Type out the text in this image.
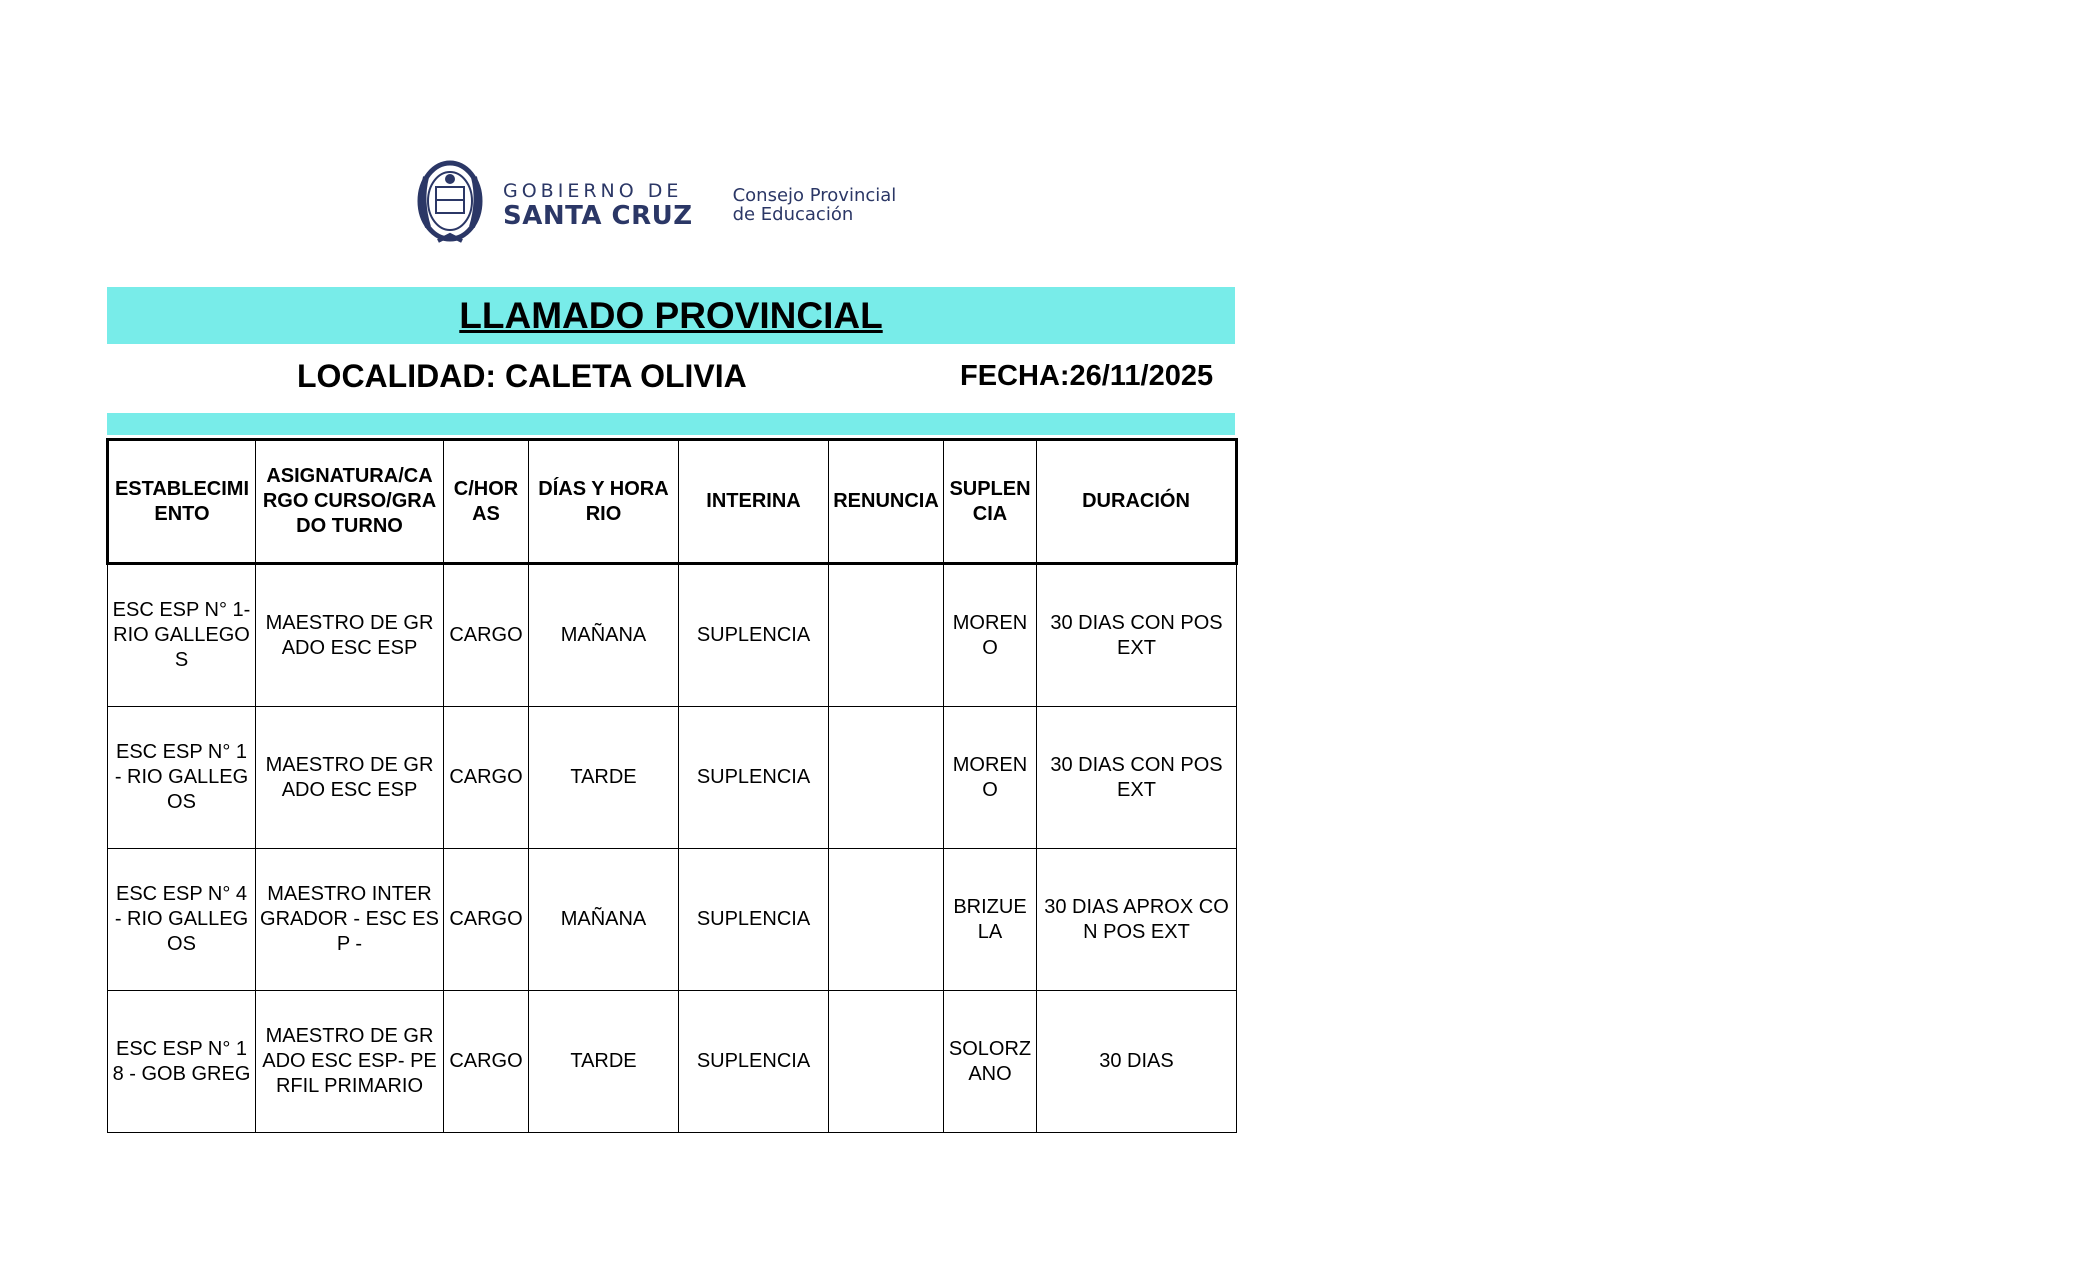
GOBIERNO DE
SANTA CRUZ
Consejo Provincial
de Educación
LLAMADO PROVINCIAL
LOCALIDAD: CALETA OLIVIA	FECHA:26/11/2025
ESTABLECIMIENTO	ASIGNATURA/CARGO CURSO/GRADO TURNO	C/HORAS	DÍAS Y HORARIO	INTERINA	RENUNCIA	SUPLENCIA	DURACIÓN
ESC ESP N° 1- RIO GALLEGOS	MAESTRO DE GRADO ESC ESP	CARGO	MAÑANA	SUPLENCIA		MORENO	30 DIAS CON POS EXT
ESC ESP N° 1 - RIO GALLEGOS	MAESTRO DE GRADO ESC ESP	CARGO	TARDE	SUPLENCIA		MORENO	30 DIAS CON POS EXT
ESC ESP N° 4 - RIO GALLEGOS	MAESTRO INTERGRADOR - ESC ESP -	CARGO	MAÑANA	SUPLENCIA		BRIZUELA	30 DIAS APROX CON POS EXT
ESC ESP N° 18 - GOB GREG	MAESTRO DE GRADO ESC ESP- PERFIL PRIMARIO	CARGO	TARDE	SUPLENCIA		SOLORZANO	30 DIAS
